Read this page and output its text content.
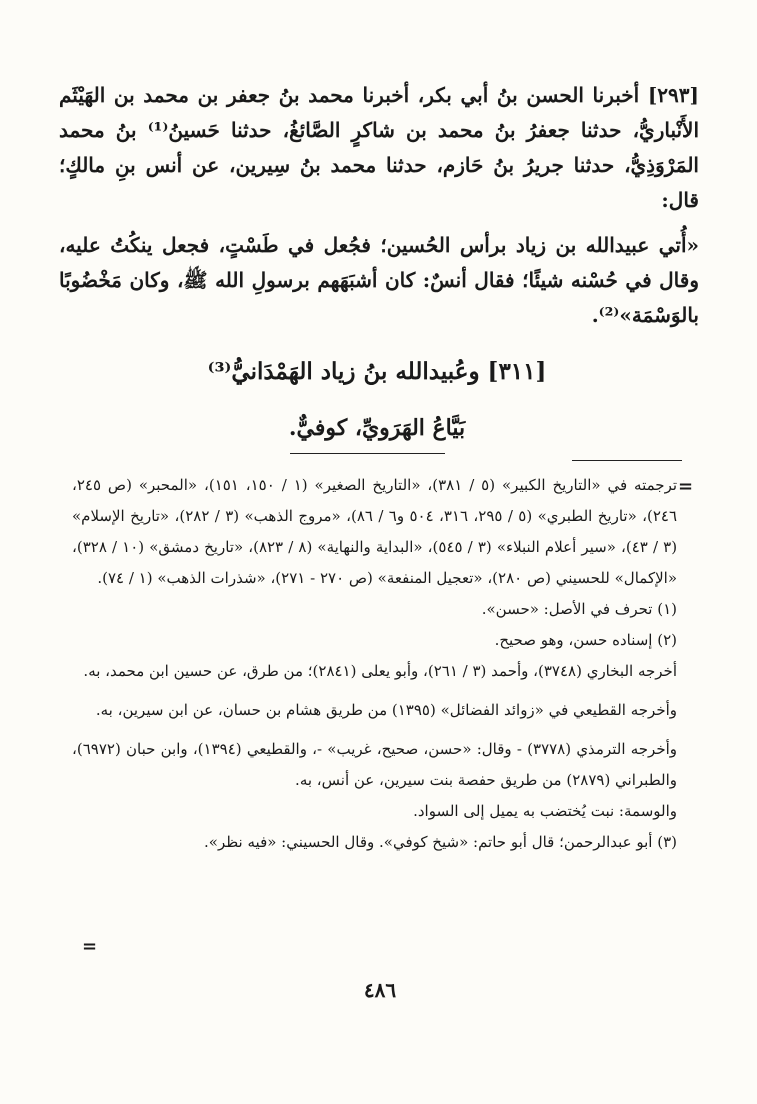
[٢٩٣] أخبرنا الحسن بنُ أبي بكر، أخبرنا محمد بنُ جعفر بن محمد بن الهَيْثَم الأَنْباريُّ، حدثنا جعفرُ بنُ محمد بن شاكرٍ الصَّائغُ، حدثنا حَسينُ⁽¹⁾ بنُ محمد المَرْوَذِيُّ، حدثنا جريرُ بنُ حَازم، حدثنا محمد بنُ سِيرين، عن أنس بنِ مالكٍ؛ قال:

«أُتي عبيدالله بن زياد برأس الحُسين؛ فجُعل في طَسْتٍ، فجعل ينكُتُ عليه، وقال في حُسْنه شيئًا؛ فقال أنسٌ: كان أشبَهَهم برسولِ الله ﷺ، وكان مَخْضُوبًا بالوَسْمَة»⁽²⁾.

[٣١١] وعُبيدالله بنُ زياد الهَمْدَانيُّ⁽³⁾
بَيَّاعُ الهَرَويِّ، كوفيٌّ.
=

ترجمته في «التاريخ الكبير» (٥ / ٣٨١)، «التاريخ الصغير» (١ / ١٥٠، ١٥١)، «المحبر» (ص ٢٤٥، ٢٤٦)، «تاريخ الطبري» (٥ / ٢٩٥، ٣١٦، ٥٠٤ و٦ / ٨٦)، «مروج الذهب» (٣ / ٢٨٢)، «تاريخ الإسلام» (٣ / ٤٣)، «سير أعلام النبلاء» (٣ / ٥٤٥)، «البداية والنهاية» (٨ / ٨٢٣)، «تاريخ دمشق» (١٠ / ٣٢٨)، «الإكمال» للحسيني (ص ٢٨٠)، «تعجيل المنفعة» (ص ٢٧٠ - ٢٧١)، «شذرات الذهب» (١ / ٧٤).

(١) تحرف في الأصل: «حسن».

(٢) إسناده حسن، وهو صحيح.

أخرجه البخاري (٣٧٤٨)، وأحمد (٣ / ٢٦١)، وأبو يعلى (٢٨٤١)؛ من طرق، عن حسين ابن محمد، به.

وأخرجه القطيعي في «زوائد الفضائل» (١٣٩٥) من طريق هشام بن حسان، عن ابن سيرين، به.

وأخرجه الترمذي (٣٧٧٨) - وقال: «حسن، صحيح، غريب» -، والقطيعي (١٣٩٤)، وابن حبان (٦٩٧٢)، والطبراني (٢٨٧٩) من طريق حفصة بنت سيرين، عن أنس، به.

والوسمة: نبت يُختضب به يميل إلى السواد.

(٣) أبو عبدالرحمن؛ قال أبو حاتم: «شيخ كوفي». وقال الحسيني: «فيه نظر».

=
٤٨٦
